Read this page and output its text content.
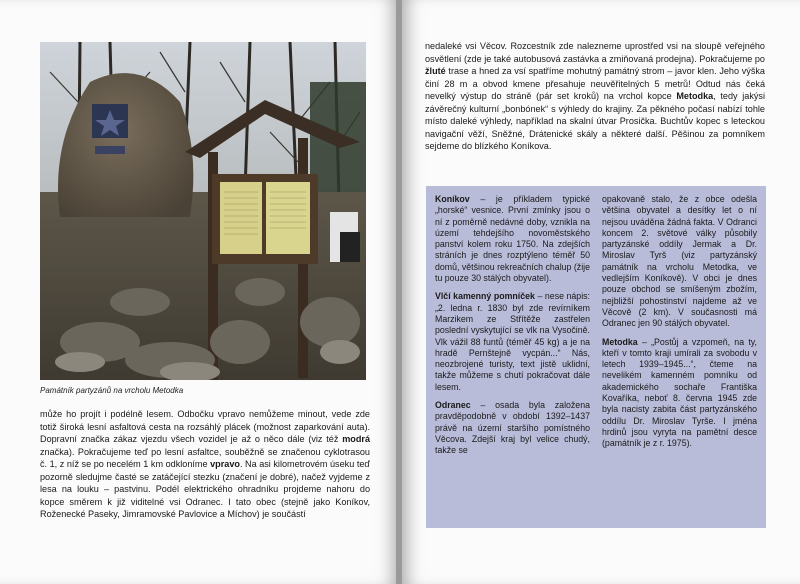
Památník partyzánů na vrcholu Metodka

může ho projít i podélně lesem. Odbočku vpravo nemůžeme minout, vede zde totiž široká lesní asfaltová cesta na rozsáhlý plácek (možnost zaparkování auta). Dopravní značka zákaz vjezdu všech vozidel je až o něco dále (viz též modrá značka). Pokračujeme teď po lesní asfaltce, souběžně se značenou cyklotrasou č. 1, z níž se po necelém 1 km odkloníme vpravo. Na asi kilometrovém úseku teď pozorně sledujme časté se zatáčející stezku (značení je dobré), načež vyjdeme z lesa na louku – pastvinu. Podél elektrického ohradníku projdeme nahoru do kopce směrem k již viditelné vsi Odranec. I tato obec (stejně jako Koníkov, Roženecké Paseky, Jimramovské Pavlovice a Míchov) je součástí

nedaleké vsi Věcov. Rozcestník zde nalezneme uprostřed vsi na sloupě veřejného osvětlení (zde je také autobusová zastávka a zmiňovaná prodejna). Pokračujeme po žluté trase a hned za vsí spatříme mohutný památný strom – javor klen. Jeho výška činí 28 m a obvod kmene přesahuje neuvěřitelných 5 metrů! Odtud nás čeká nevelký výstup do stráně (pár set kroků) na vrchol kopce Metodka, tedy jakýsi závěrečný kulturní „bonbónek“ s výhledy do krajiny. Za pěkného počasí nabízí tohle místo daleké výhledy, například na skalní útvar Prosička. Buchtův kopec s leteckou navigační věží, Sněžné, Drátenické skály a některé další. Pěšinou za pomníkem sejdeme do blízkého Koníkova.

Koníkov – je příkladem typické „horské“ vesnice. První zmínky jsou o ní z poměrně nedávné doby, vznikla na území tehdejšího novoměstského panství kolem roku 1750. Na zdejších stráních je dnes rozptýleno téměř 50 domů, většinou rekreačních chalup (žije tu pouze 30 stálých obyvatel).

Vlčí kamenný pomníček – nese nápis: „2. ledna r. 1830 byl zde revírníkem Marzikem ze Střítěže zastřelen poslední vyskytující se vlk na Vysočině. Vlk vážil 88 funtů (téměř 45 kg) a je na hradě Pernštejně vycpán...“ Nás, neozbrojené turisty, text jistě uklidní, takže můžeme s chutí pokračovat dále lesem.

Odranec – osada byla založena pravděpodobně v období 1392–1437 právě na území staršího pomístného Věcova. Zdejší kraj byl velice chudý, takže se

opakovaně stalo, že z obce odešla většina obyvatel a desítky let o ní nejsou uváděna žádná fakta. V Odranci koncem 2. světové války působily partyzánské oddíly Jermak a Dr. Miroslav Tyrš (viz partyzánský památník na vrcholu Metodka, ve vedlejším Koníkově). V obci je dnes pouze obchod se smíšeným zbožím, nejbližší pohostinství najdeme až ve Věcově (2 km). V současnosti má Odranec jen 90 stálých obyvatel.

Metodka – „Postůj a vzpomeň, na ty, kteří v tomto kraji umírali za svobodu v letech 1939–1945...“, čteme na nevelikém kamenném pomníku od akademického sochaře Františka Kovaříka, neboť 8. června 1945 zde byla nacisty zabita část partyzánského oddílu Dr. Miroslav Tyrše. I jména hrdinů jsou vyryta na pamětní desce (památník je z r. 1975).
